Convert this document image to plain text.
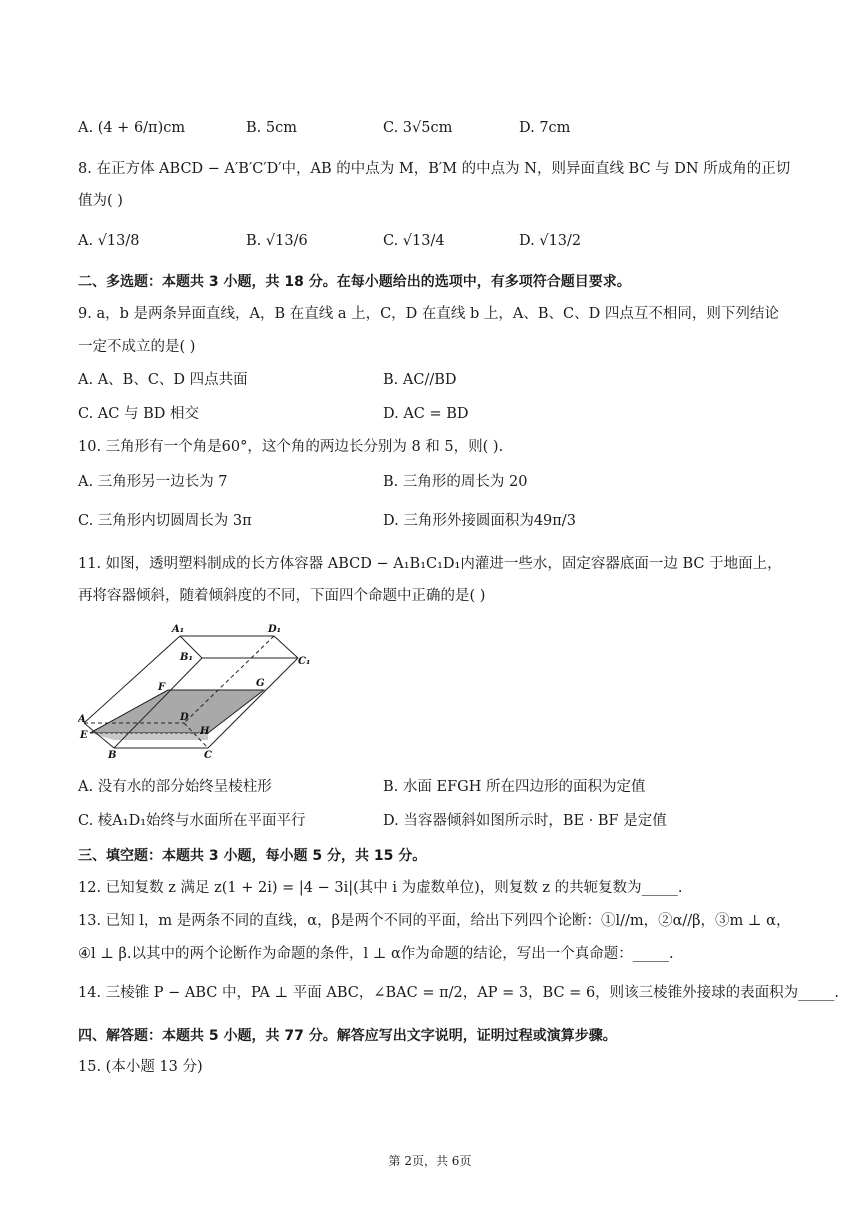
A. (4 + 6/π)cm	B. 5cm	C. 3√5cm	D. 7cm
8. 在正方体 ABCD − A′B′C′D′中，AB 的中点为 M，B′M 的中点为 N，则异面直线 BC 与 DN 所成角的正切
值为( )
A. √13/8	B. √13/6	C. √13/4	D. √13/2
二、多选题：本题共 3 小题，共 18 分。在每小题给出的选项中，有多项符合题目要求。
9. a，b 是两条异面直线，A，B 在直线 a 上，C，D 在直线 b 上，A、B、C、D 四点互不相同，则下列结论
一定不成立的是( )
A. A、B、C、D 四点共面	B. AC//BD
C. AC 与 BD 相交	D. AC = BD
10. 三角形有一个角是60°，这个角的两边长分别为 8 和 5，则( ).
A. 三角形另一边长为 7	B. 三角形的周长为 20
C. 三角形内切圆周长为 3π	D. 三角形外接圆面积为49π/3
11. 如图，透明塑料制成的长方体容器 ABCD − A₁B₁C₁D₁内灌进一些水，固定容器底面一边 BC 于地面上，
再将容器倾斜，随着倾斜度的不同，下面四个命题中正确的是( )
A₁	D₁
B₁	C₁
F	G
A	D
E	H
B	C
A. 没有水的部分始终呈棱柱形	B. 水面 EFGH 所在四边形的面积为定值
C. 棱A₁D₁始终与水面所在平面平行	D. 当容器倾斜如图所示时，BE · BF 是定值
三、填空题：本题共 3 小题，每小题 5 分，共 15 分。
12. 已知复数 z 满足 z(1 + 2i) = |4 − 3i|(其中 i 为虚数单位)，则复数 z 的共轭复数为_____.
13. 已知 l，m 是两条不同的直线，α，β是两个不同的平面，给出下列四个论断：①l//m，②α//β，③m ⊥ α，
④l ⊥ β.以其中的两个论断作为命题的条件，l ⊥ α作为命题的结论，写出一个真命题：_____.
14. 三棱锥 P − ABC 中，PA ⊥ 平面 ABC，∠BAC = π/2，AP = 3，BC = 6，则该三棱锥外接球的表面积为_____.
四、解答题：本题共 5 小题，共 77 分。解答应写出文字说明，证明过程或演算步骤。
15. (本小题 13 分)
第 2页，共 6页
